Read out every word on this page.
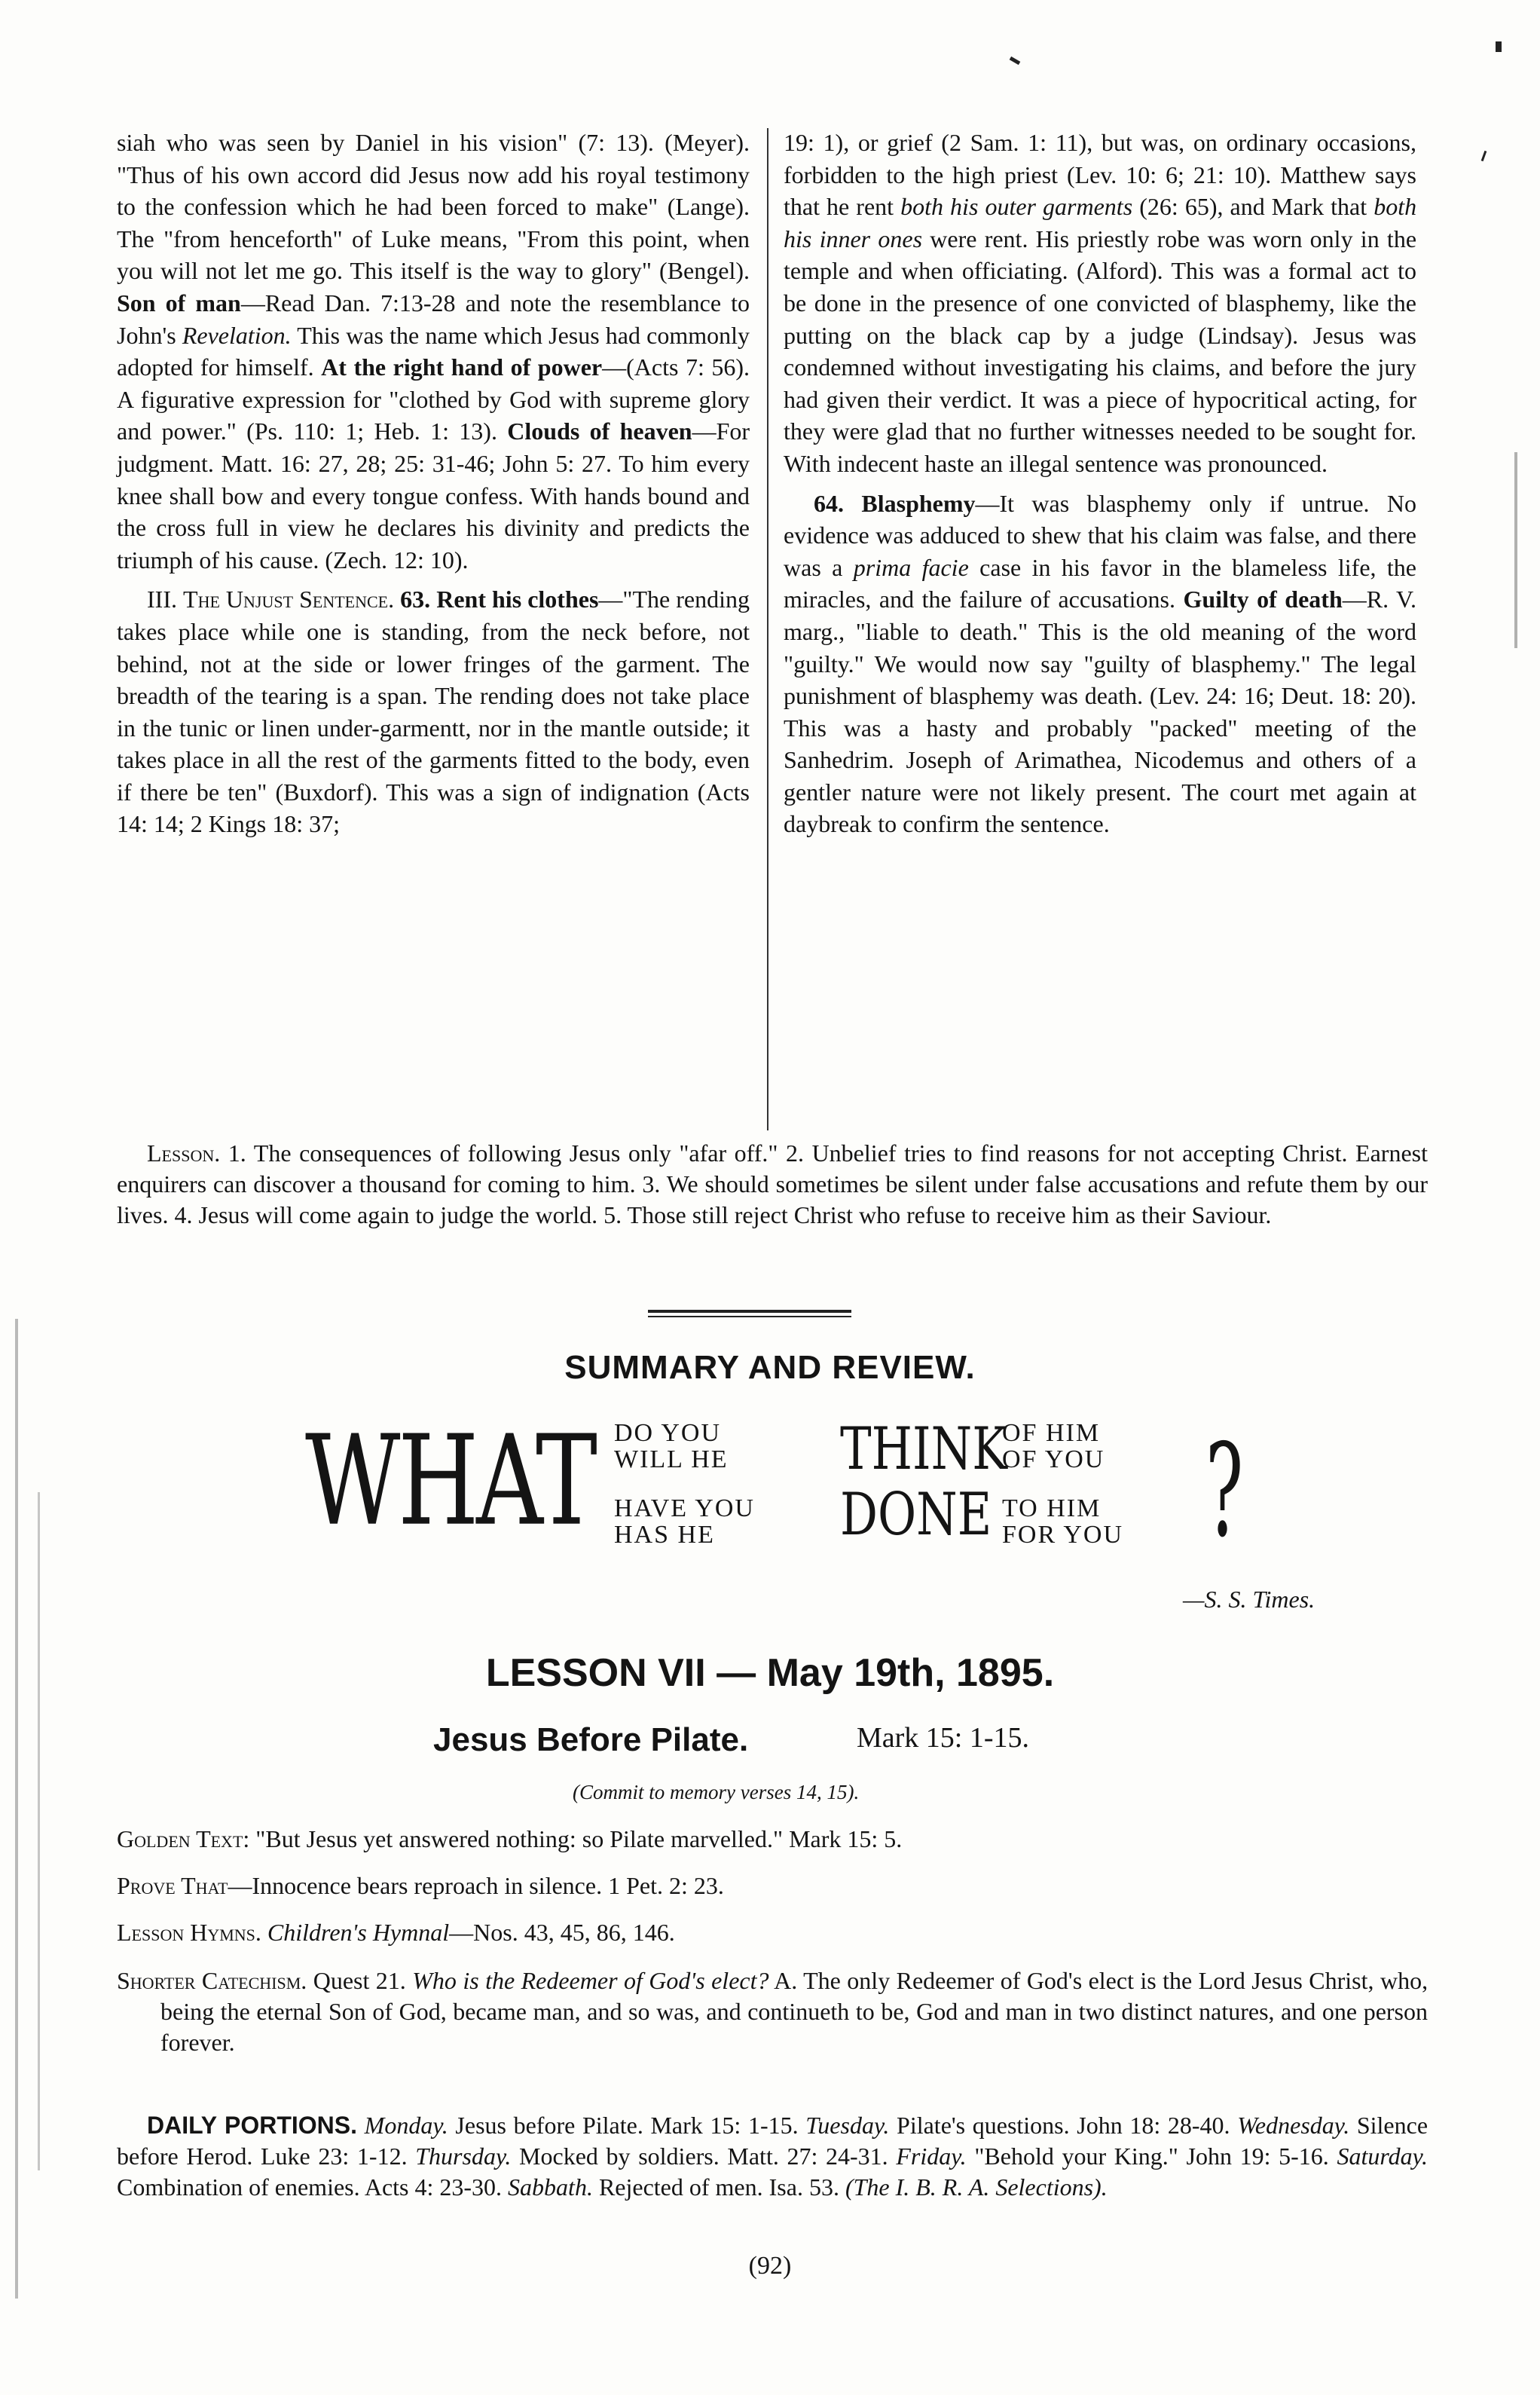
siah who was seen by Daniel in his vision" (7: 13). (Meyer). "Thus of his own accord did Jesus now add his royal testimony to the confession which he had been forced to make" (Lange). The "from henceforth" of Luke means, "From this point, when you will not let me go. This itself is the way to glory" (Bengel). Son of man—Read Dan. 7:13-28 and note the resemblance to John's Revelation. This was the name which Jesus had commonly adopted for himself. At the right hand of power—(Acts 7: 56). A figurative expression for "clothed by God with supreme glory and power." (Ps. 110: 1; Heb. 1: 13). Clouds of heaven—For judgment. Matt. 16: 27, 28; 25: 31-46; John 5: 27. To him every knee shall bow and every tongue confess. With hands bound and the cross full in view he declares his divinity and predicts the triumph of his cause. (Zech. 12: 10).

III. The Unjust Sentence. 63. Rent his clothes—"The rending takes place while one is standing, from the neck before, not behind, not at the side or lower fringes of the garment. The breadth of the tearing is a span. The rending does not take place in the tunic or linen under-garmentt, nor in the mantle outside; it takes place in all the rest of the garments fitted to the body, even if there be ten" (Buxdorf). This was a sign of indignation (Acts 14: 14; 2 Kings 18: 37;

19: 1), or grief (2 Sam. 1: 11), but was, on ordinary occasions, forbidden to the high priest (Lev. 10: 6; 21: 10). Matthew says that he rent both his outer garments (26: 65), and Mark that both his inner ones were rent. His priestly robe was worn only in the temple and when officiating. (Alford). This was a formal act to be done in the presence of one convicted of blasphemy, like the putting on the black cap by a judge (Lindsay). Jesus was condemned without investigating his claims, and before the jury had given their verdict. It was a piece of hypocritical acting, for they were glad that no further witnesses needed to be sought for. With indecent haste an illegal sentence was pronounced.

64. Blasphemy—It was blasphemy only if untrue. No evidence was adduced to shew that his claim was false, and there was a prima facie case in his favor in the blameless life, the miracles, and the failure of accusations. Guilty of death—R. V. marg., "liable to death." This is the old meaning of the word "guilty." We would now say "guilty of blasphemy." The legal punishment of blasphemy was death. (Lev. 24: 16; Deut. 18: 20). This was a hasty and probably "packed" meeting of the Sanhedrim. Joseph of Arimathea, Nicodemus and others of a gentler nature were not likely present. The court met again at daybreak to confirm the sentence.

Lesson. 1. The consequences of following Jesus only "afar off." 2. Unbelief tries to find reasons for not accepting Christ. Earnest enquirers can discover a thousand for coming to him. 3. We should sometimes be silent under false accusations and refute them by our lives. 4. Jesus will come again to judge the world. 5. Those still reject Christ who refuse to receive him as their Saviour.
SUMMARY AND REVIEW.
WHAT DO YOU
WILL HE
HAVE YOU
HAS HE
THINK
DONE
OF HIM
OF YOU
TO HIM
FOR YOU ?
—S. S. Times.
LESSON VII — May 19th, 1895.
Jesus Before Pilate.	Mark 15: 1-15.
(Commit to memory verses 14, 15).
Golden Text: "But Jesus yet answered nothing: so Pilate marvelled." Mark 15: 5.
Prove That—Innocence bears reproach in silence. 1 Pet. 2: 23.
Lesson Hymns. Children's Hymnal—Nos. 43, 45, 86, 146.
Shorter Catechism. Quest 21. Who is the Redeemer of God's elect? A. The only Redeemer of God's elect is the Lord Jesus Christ, who, being the eternal Son of God, became man, and so was, and continueth to be, God and man in two distinct natures, and one person forever.
DAILY PORTIONS. Monday. Jesus before Pilate. Mark 15: 1-15. Tuesday. Pilate's questions. John 18: 28-40. Wednesday. Silence before Herod. Luke 23: 1-12. Thursday. Mocked by soldiers. Matt. 27: 24-31. Friday. "Behold your King." John 19: 5-16. Saturday. Combination of enemies. Acts 4: 23-30. Sabbath. Rejected of men. Isa. 53. (The I. B. R. A. Selections).
(92)
